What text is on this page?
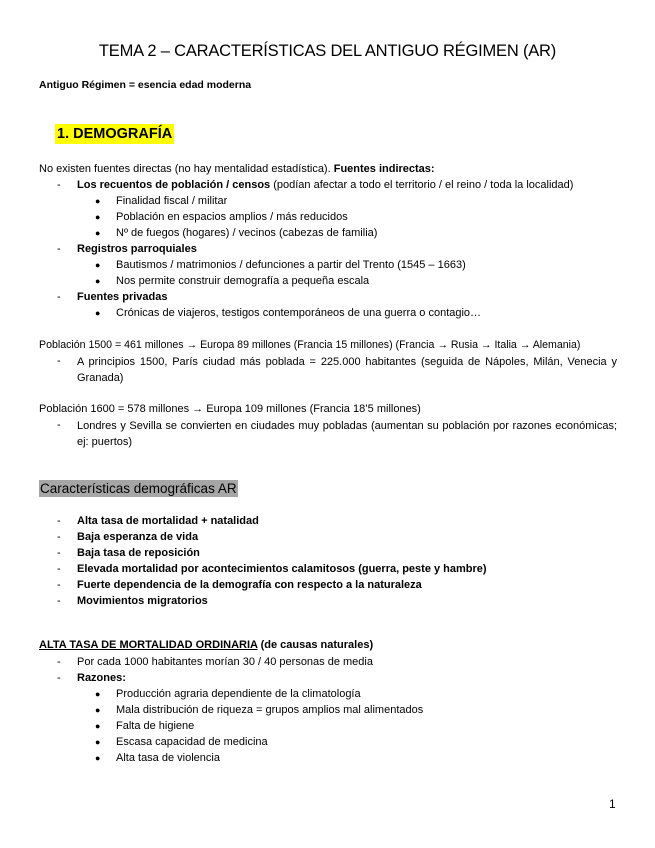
TEMA 2 – CARACTERÍSTICAS DEL ANTIGUO RÉGIMEN (AR)
Antiguo Régimen = esencia edad moderna
1. DEMOGRAFÍA
No existen fuentes directas (no hay mentalidad estadística). Fuentes indirectas:
- Los recuentos de población / censos (podían afectar a todo el territorio / el reino / toda la localidad)
● Finalidad fiscal / militar
● Población en espacios amplios / más reducidos
● Nº de fuegos (hogares) / vecinos (cabezas de familia)
- Registros parroquiales
● Bautismos / matrimonios / defunciones a partir del Trento (1545 – 1663)
● Nos permite construir demografía a pequeña escala
- Fuentes privadas
● Crónicas de viajeros, testigos contemporáneos de una guerra o contagio…
Población 1500 = 461 millones → Europa 89 millones (Francia 15 millones) (Francia → Rusia → Italia → Alemania)
- A principios 1500, París ciudad más poblada = 225.000 habitantes (seguida de Nápoles, Milán, Venecia y Granada)
Población 1600 = 578 millones → Europa 109 millones (Francia 18’5 millones)
- Londres y Sevilla se convierten en ciudades muy pobladas (aumentan su población por razones económicas; ej: puertos)
Características demográficas AR
- Alta tasa de mortalidad + natalidad
- Baja esperanza de vida
- Baja tasa de reposición
- Elevada mortalidad por acontecimientos calamitosos (guerra, peste y hambre)
- Fuerte dependencia de la demografía con respecto a la naturaleza
- Movimientos migratorios
ALTA TASA DE MORTALIDAD ORDINARIA (de causas naturales)
- Por cada 1000 habitantes morían 30 / 40 personas de media
- Razones:
● Producción agraria dependiente de la climatología
● Mala distribución de riqueza = grupos amplios mal alimentados
● Falta de higiene
● Escasa capacidad de medicina
● Alta tasa de violencia
1
